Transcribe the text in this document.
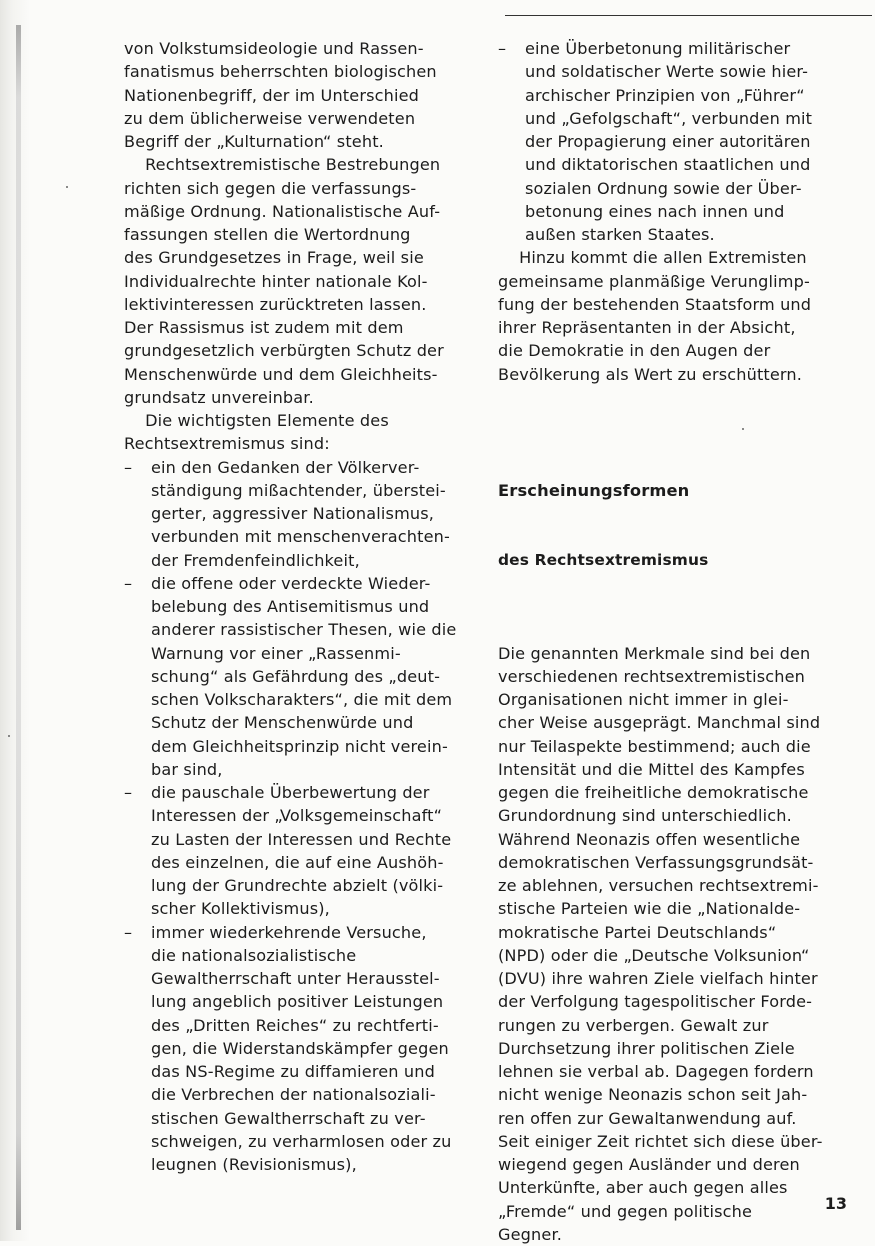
von Volkstumsideologie und Rassen-
fanatismus beherrschten biologischen
Nationenbegriff, der im Unterschied
zu dem üblicherweise verwendeten
Begriff der „Kulturnation“ steht.
Rechtsextremistische Bestrebungen
richten sich gegen die verfassungs-
mäßige Ordnung. Nationalistische Auf-
fassungen stellen die Wertordnung
des Grundgesetzes in Frage, weil sie
Individualrechte hinter nationale Kol-
lektivinteressen zurücktreten lassen.
Der Rassismus ist zudem mit dem
grundgesetzlich verbürgten Schutz der
Menschenwürde und dem Gleichheits-
grundsatz unvereinbar.
Die wichtigsten Elemente des
Rechtsextremismus sind:
– ein den Gedanken der Völkerver-
ständigung mißachtender, überstei-
gerter, aggressiver Nationalismus,
verbunden mit menschenverachten-
der Fremdenfeindlichkeit,
– die offene oder verdeckte Wieder-
belebung des Antisemitismus und
anderer rassistischer Thesen, wie die
Warnung vor einer „Rassenmi-
schung“ als Gefährdung des „deut-
schen Volkscharakters“, die mit dem
Schutz der Menschenwürde und
dem Gleichheitsprinzip nicht verein-
bar sind,
– die pauschale Überbewertung der
Interessen der „Volksgemeinschaft“
zu Lasten der Interessen und Rechte
des einzelnen, die auf eine Aushöh-
lung der Grundrechte abzielt (völki-
scher Kollektivismus),
– immer wiederkehrende Versuche,
die nationalsozialistische
Gewaltherrschaft unter Herausstel-
lung angeblich positiver Leistungen
des „Dritten Reiches“ zu rechtferti-
gen, die Widerstandskämpfer gegen
das NS-Regime zu diffamieren und
die Verbrechen der nationalsoziali-
stischen Gewaltherrschaft zu ver-
schweigen, zu verharmlosen oder zu
leugnen (Revisionismus),
– eine Überbetonung militärischer
und soldatischer Werte sowie hier-
archischer Prinzipien von „Führer“
und „Gefolgschaft“, verbunden mit
der Propagierung einer autoritären
und diktatorischen staatlichen und
sozialen Ordnung sowie der Über-
betonung eines nach innen und
außen starken Staates.
Hinzu kommt die allen Extremisten
gemeinsame planmäßige Verunglimp-
fung der bestehenden Staatsform und
ihrer Repräsentanten in der Absicht,
die Demokratie in den Augen der
Bevölkerung als Wert zu erschüttern.

Erscheinungsformen

des Rechtsextremismus

Die genannten Merkmale sind bei den
verschiedenen rechtsextremistischen
Organisationen nicht immer in glei-
cher Weise ausgeprägt. Manchmal sind
nur Teilaspekte bestimmend; auch die
Intensität und die Mittel des Kampfes
gegen die freiheitliche demokratische
Grundordnung sind unterschiedlich.
Während Neonazis offen wesentliche
demokratischen Verfassungsgrundsät-
ze ablehnen, versuchen rechtsextremi-
stische Parteien wie die „Nationalde-
mokratische Partei Deutschlands“
(NPD) oder die „Deutsche Volksunion“
(DVU) ihre wahren Ziele vielfach hinter
der Verfolgung tagespolitischer Forde-
rungen zu verbergen. Gewalt zur
Durchsetzung ihrer politischen Ziele
lehnen sie verbal ab. Dagegen fordern
nicht wenige Neonazis schon seit Jah-
ren offen zur Gewaltanwendung auf.
Seit einiger Zeit richtet sich diese über-
wiegend gegen Ausländer und deren
Unterkünfte, aber auch gegen alles
„Fremde“ und gegen politische
Gegner.
13
